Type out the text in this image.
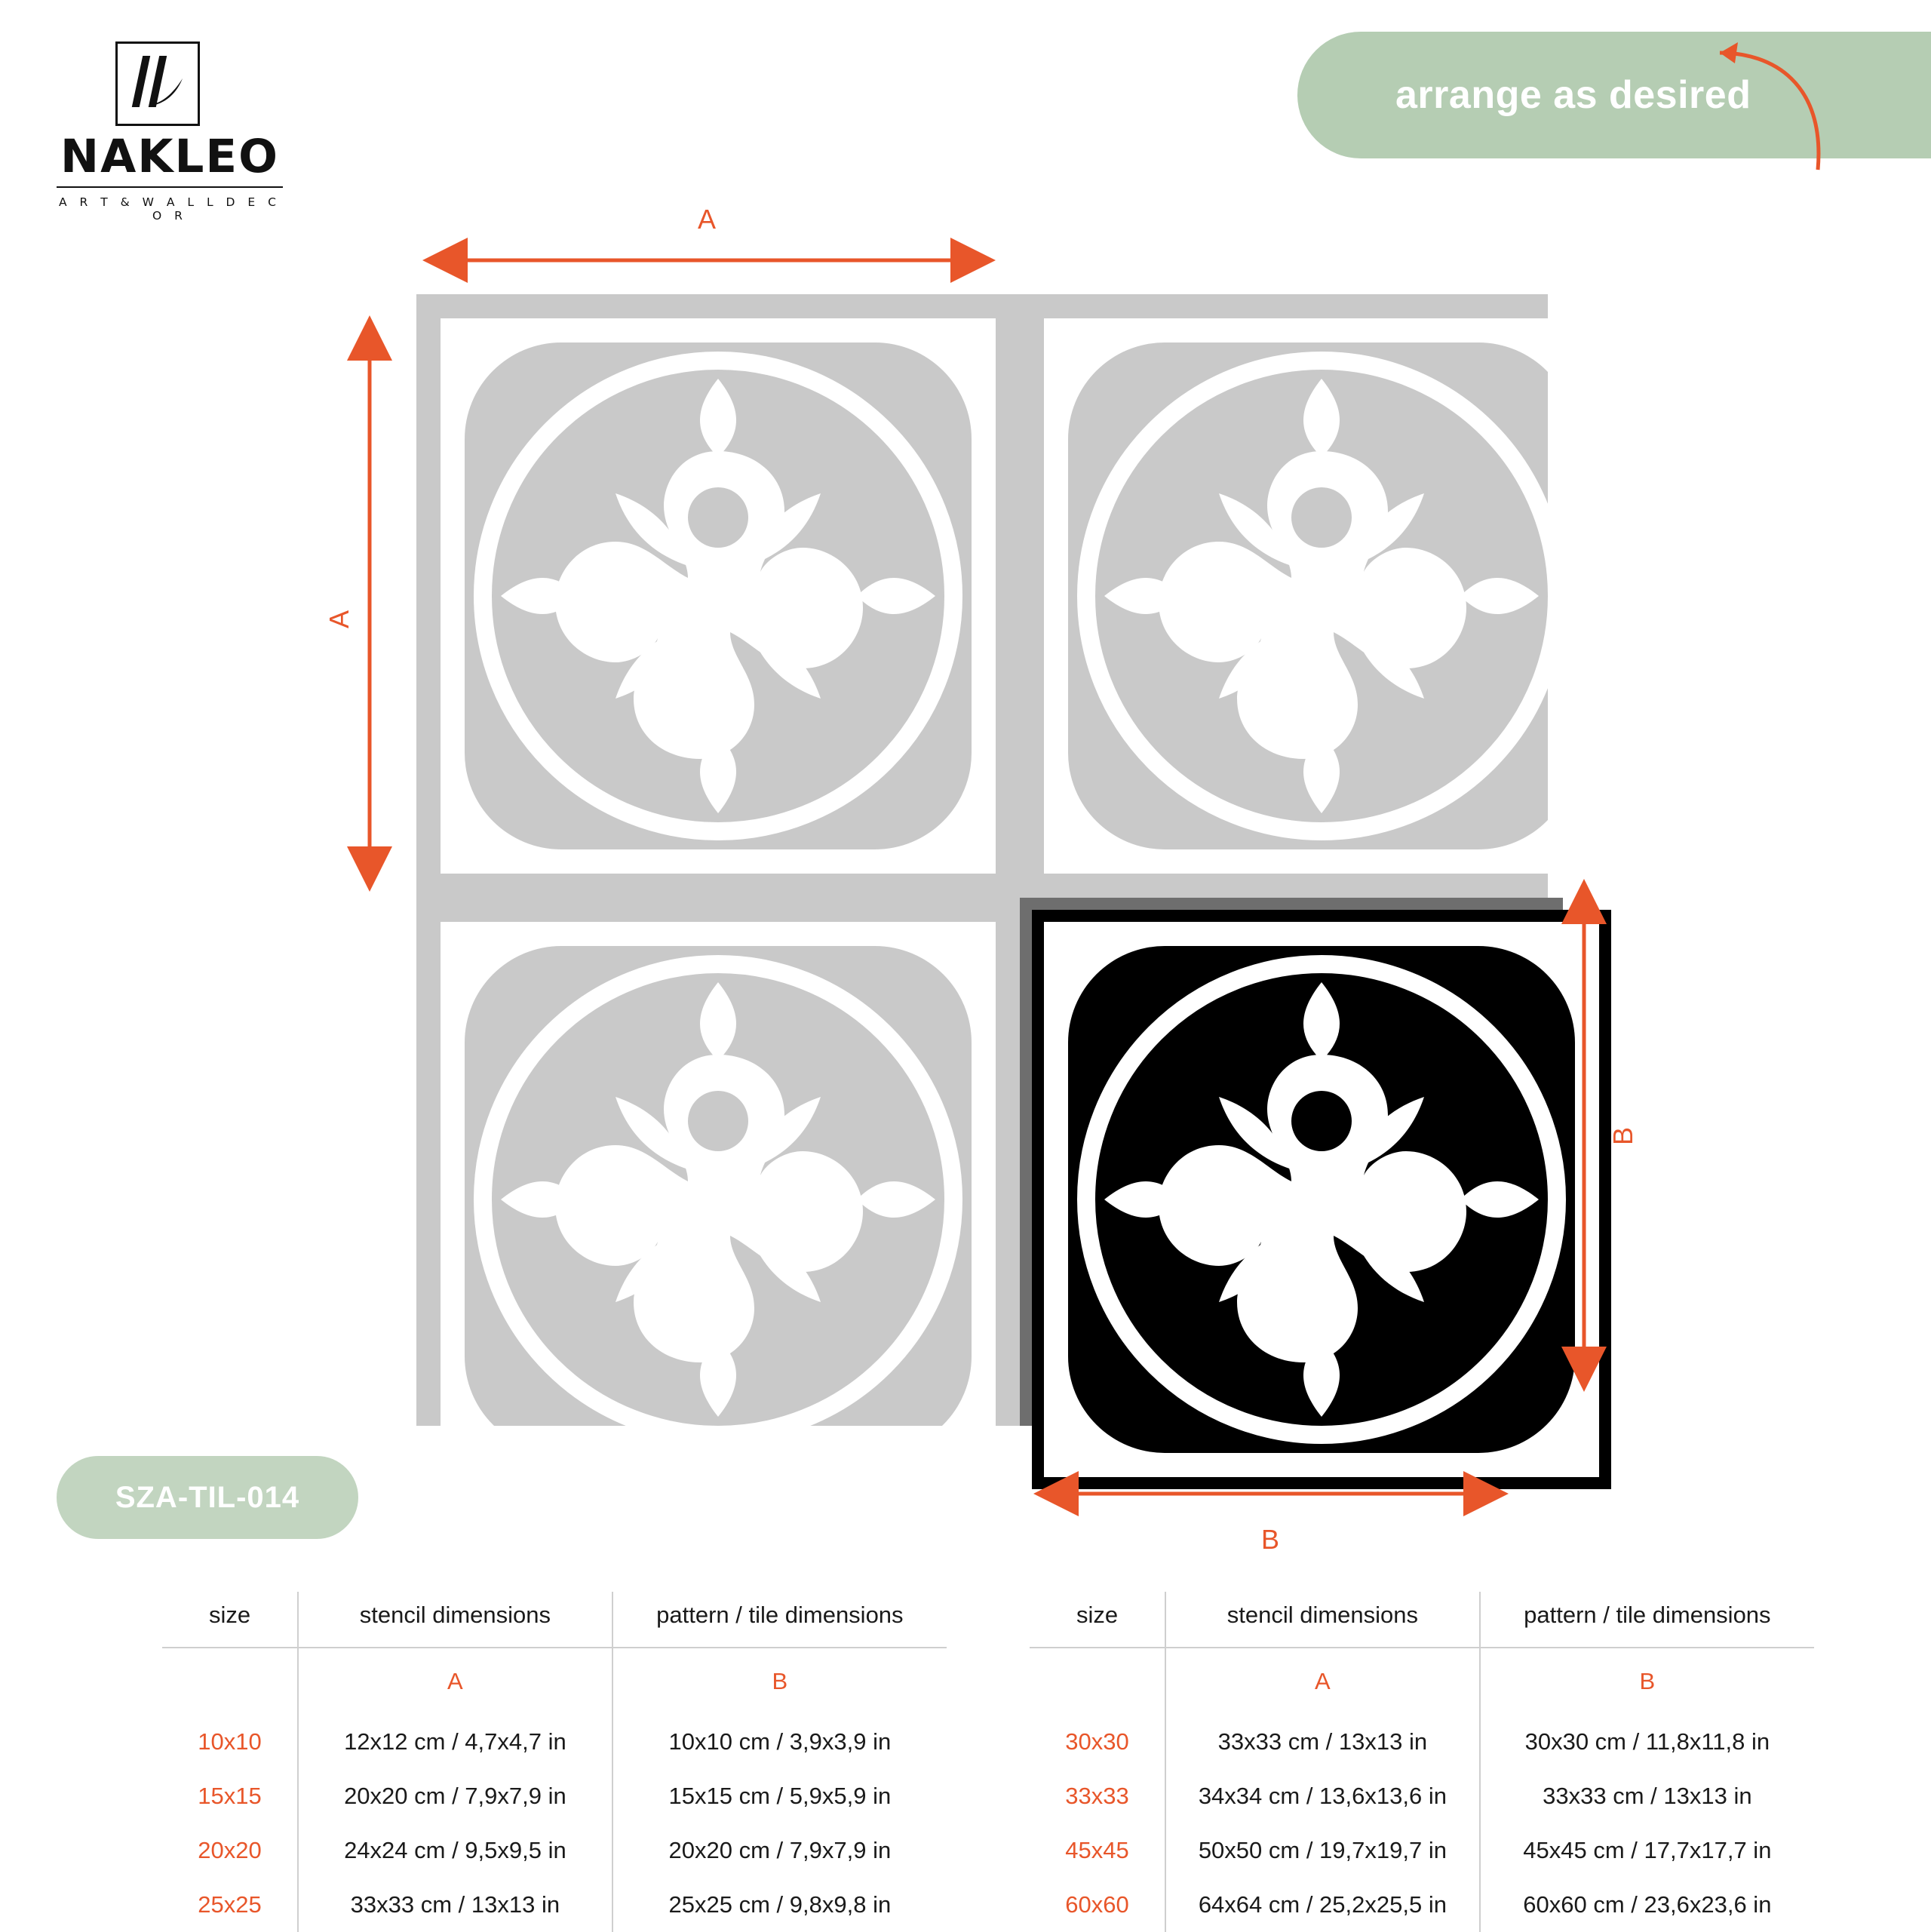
NAKLEO
A R T & W A L L D E C O R
arrange as desired
A
A
B
B
SZA-TIL-014
size	stencil dimensions	pattern / tile dimensions
	A	B
10x10	12x12 cm / 4,7x4,7 in	10x10 cm / 3,9x3,9 in
15x15	20x20 cm / 7,9x7,9 in	15x15 cm / 5,9x5,9 in
20x20	24x24 cm / 9,5x9,5 in	20x20 cm / 7,9x7,9 in
25x25	33x33 cm / 13x13 in	25x25 cm / 9,8x9,8 in
size	stencil dimensions	pattern / tile dimensions
	A	B
30x30	33x33 cm / 13x13 in	30x30 cm / 11,8x11,8 in
33x33	34x34 cm / 13,6x13,6 in	33x33 cm / 13x13 in
45x45	50x50 cm / 19,7x19,7 in	45x45 cm / 17,7x17,7 in
60x60	64x64 cm / 25,2x25,5 in	60x60 cm / 23,6x23,6 in
